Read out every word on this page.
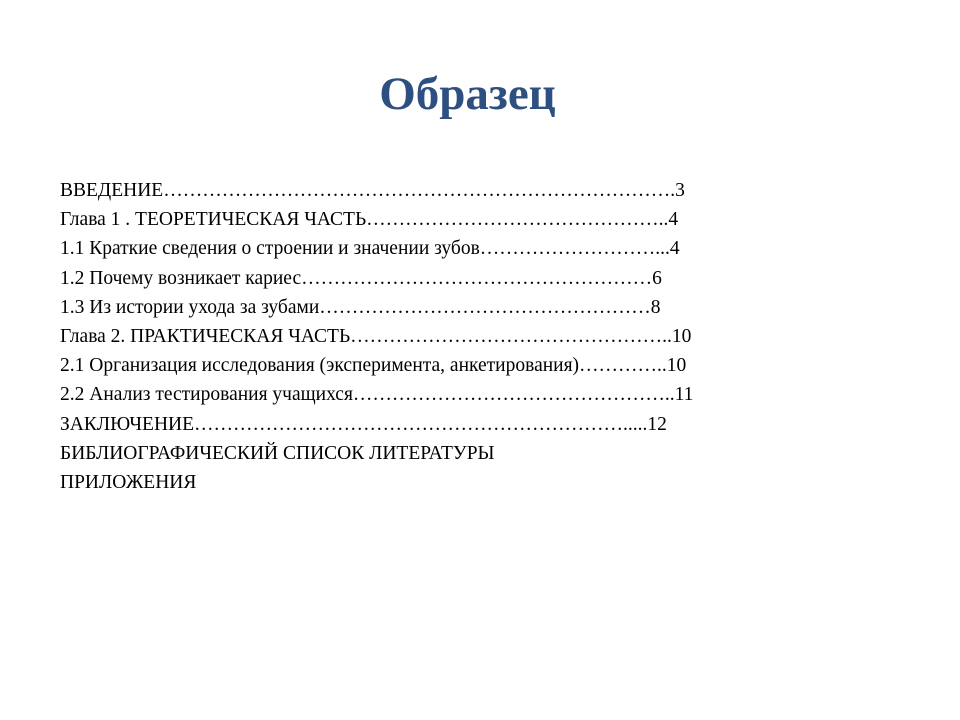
Образец
ВВЕДЕНИЕ…………………………………………………………………….3
Глава 1 . ТЕОРЕТИЧЕСКАЯ ЧАСТЬ………………………………………..4
1.1 Краткие сведения о строении и значении зубов………………………...4
1.2 Почему возникает кариес………………………………………………6
1.3 Из истории ухода за зубами……………………………………………8
Глава 2. ПРАКТИЧЕСКАЯ ЧАСТЬ…………………………………………..10
2.1 Организация исследования (эксперимента, анкетирования)…………..10
2.2 Анализ тестирования учащихся…………………………………………..11
ЗАКЛЮЧЕНИЕ………………………………………………………….....12
БИБЛИОГРАФИЧЕСКИЙ СПИСОК ЛИТЕРАТУРЫ
ПРИЛОЖЕНИЯ
